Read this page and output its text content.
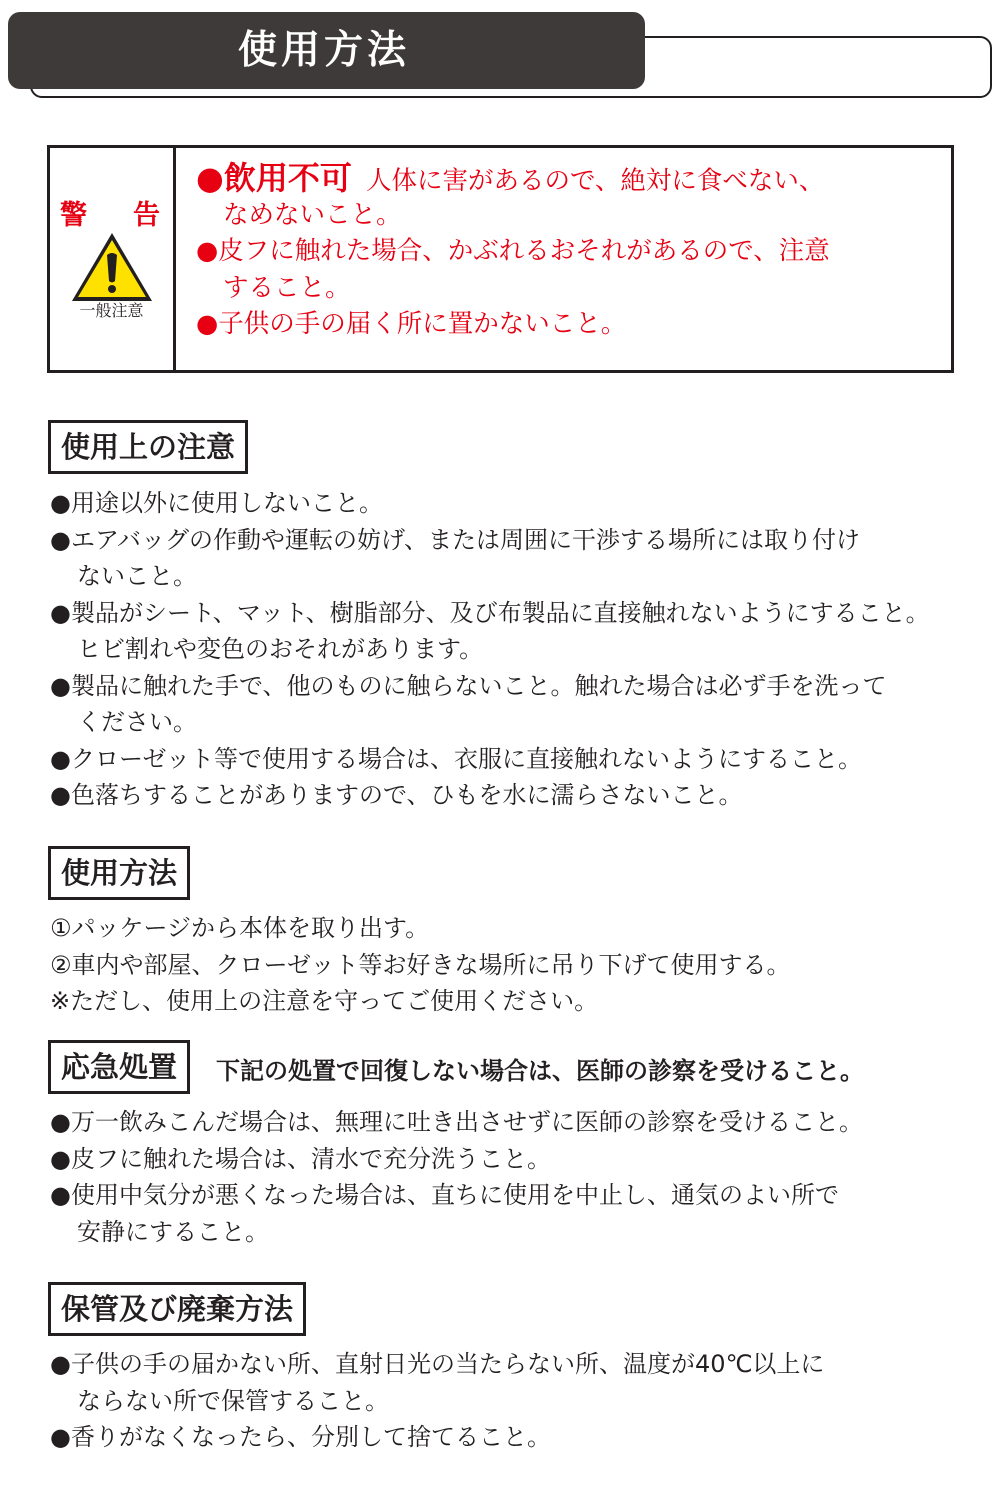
使用方法
警 告
一般注意
●飲用不可 人体に害があるので、絶対に食べない、
なめないこと。
●皮フに触れた場合、かぶれるおそれがあるので、注意
すること。
●子供の手の届く所に置かないこと。
使用上の注意
●用途以外に使用しないこと。
●エアバッグの作動や運転の妨げ、または周囲に干渉する場所には取り付け
ないこと。
●製品がシート、マット、樹脂部分、及び布製品に直接触れないようにすること。
ヒビ割れや変色のおそれがあります。
●製品に触れた手で、他のものに触らないこと。触れた場合は必ず手を洗って
ください。
●クローゼット等で使用する場合は、衣服に直接触れないようにすること。
●色落ちすることがありますので、ひもを水に濡らさないこと。
使用方法
①パッケージから本体を取り出す。
②車内や部屋、クローゼット等お好きな場所に吊り下げて使用する。
※ただし、使用上の注意を守ってご使用ください。
応急処置	下記の処置で回復しない場合は、医師の診察を受けること。
●万一飲みこんだ場合は、無理に吐き出させずに医師の診察を受けること。
●皮フに触れた場合は、清水で充分洗うこと。
●使用中気分が悪くなった場合は、直ちに使用を中止し、通気のよい所で
安静にすること。
保管及び廃棄方法
●子供の手の届かない所、直射日光の当たらない所、温度が40℃以上に
ならない所で保管すること。
●香りがなくなったら、分別して捨てること。
